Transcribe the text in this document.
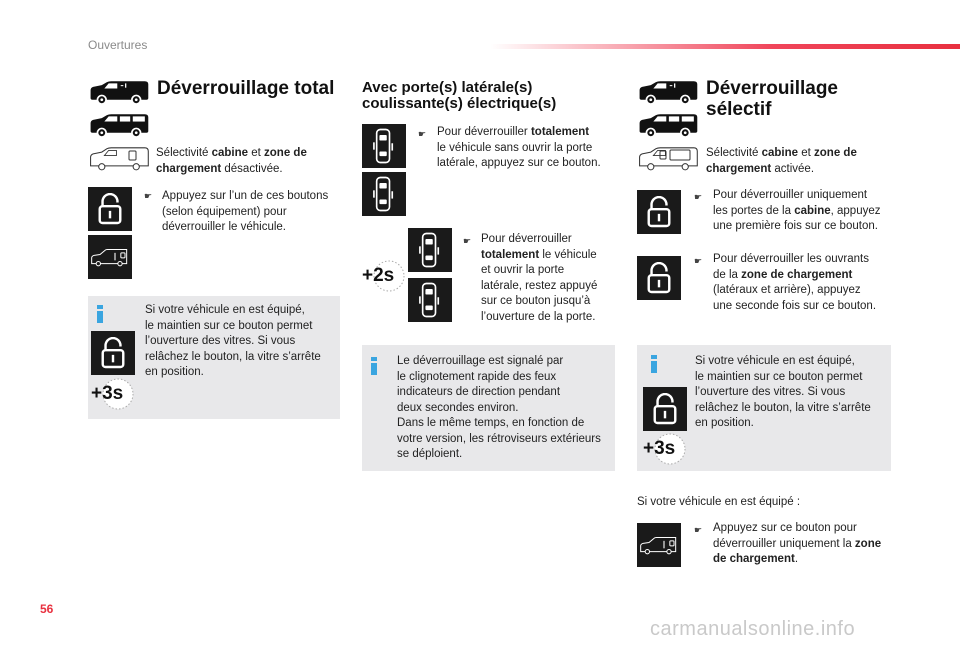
Ouvertures
Déverrouillage total
Sélectivité cabine et zone de chargement désactivée.
☛ Appuyez sur l’un de ces boutons
(selon équipement) pour
déverrouiller le véhicule.
+3s
Si votre véhicule en est équipé,
le maintien sur ce bouton permet
l’ouverture des vitres. Si vous
relâchez le bouton, la vitre s’arrête
en position.
Avec porte(s) latérale(s)
coulissante(s) électrique(s)
☛ Pour déverrouiller totalement
le véhicule sans ouvrir la porte
latérale, appuyez sur ce bouton.
+2s
☛ Pour déverrouiller
totalement le véhicule
et ouvrir la porte
latérale, restez appuyé
sur ce bouton jusqu’à
l’ouverture de la porte.
Le déverrouillage est signalé par
le clignotement rapide des feux
indicateurs de direction pendant
deux secondes environ.
Dans le même temps, en fonction de
votre version, les rétroviseurs extérieurs
se déploient.
Déverrouillage
sélectif
Sélectivité cabine et zone de
chargement activée.
☛ Pour déverrouiller uniquement
les portes de la cabine, appuyez
une première fois sur ce bouton.
☛ Pour déverrouiller les ouvrants
de la zone de chargement
(latéraux et arrière), appuyez
une seconde fois sur ce bouton.
+3s
Si votre véhicule en est équipé,
le maintien sur ce bouton permet
l’ouverture des vitres. Si vous
relâchez le bouton, la vitre s’arrête
en position.
Si votre véhicule en est équipé :
☛ Appuyez sur ce bouton pour
déverrouiller uniquement la zone
de chargement.
56
carmanualsonline.info
